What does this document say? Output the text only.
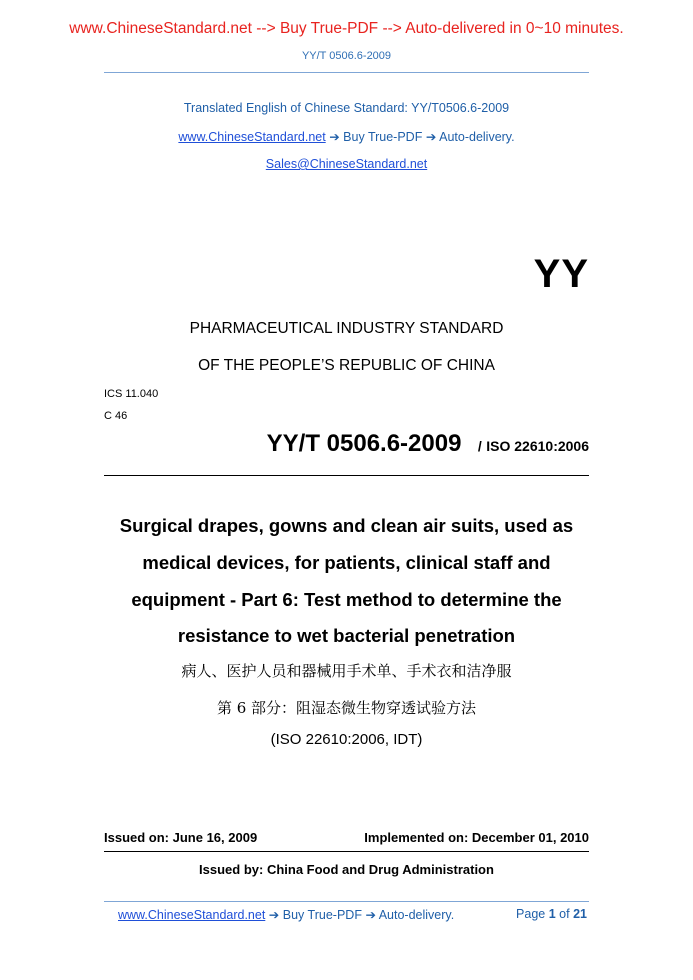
www.ChineseStandard.net --> Buy True-PDF --> Auto-delivered in 0~10 minutes.
YY/T 0506.6-2009
Translated English of Chinese Standard: YY/T0506.6-2009
www.ChineseStandard.net ➔ Buy True-PDF ➔ Auto-delivery.
Sales@ChineseStandard.net
YY
PHARMACEUTICAL INDUSTRY STANDARD
OF THE PEOPLE’S REPUBLIC OF CHINA
ICS 11.040
C 46
YY/T 0506.6-2009 / ISO 22610:2006
Surgical drapes, gowns and clean air suits, used as
medical devices, for patients, clinical staff and
equipment - Part 6: Test method to determine the
resistance to wet bacterial penetration
病人、医护人员和器械用手术单、手术衣和洁净服
第 6 部分：阻湿态微生物穿透试验方法
(ISO 22610:2006, IDT)
Issued on: June 16, 2009	Implemented on: December 01, 2010
Issued by: China Food and Drug Administration
www.ChineseStandard.net ➔ Buy True-PDF ➔ Auto-delivery.	Page 1 of 21
